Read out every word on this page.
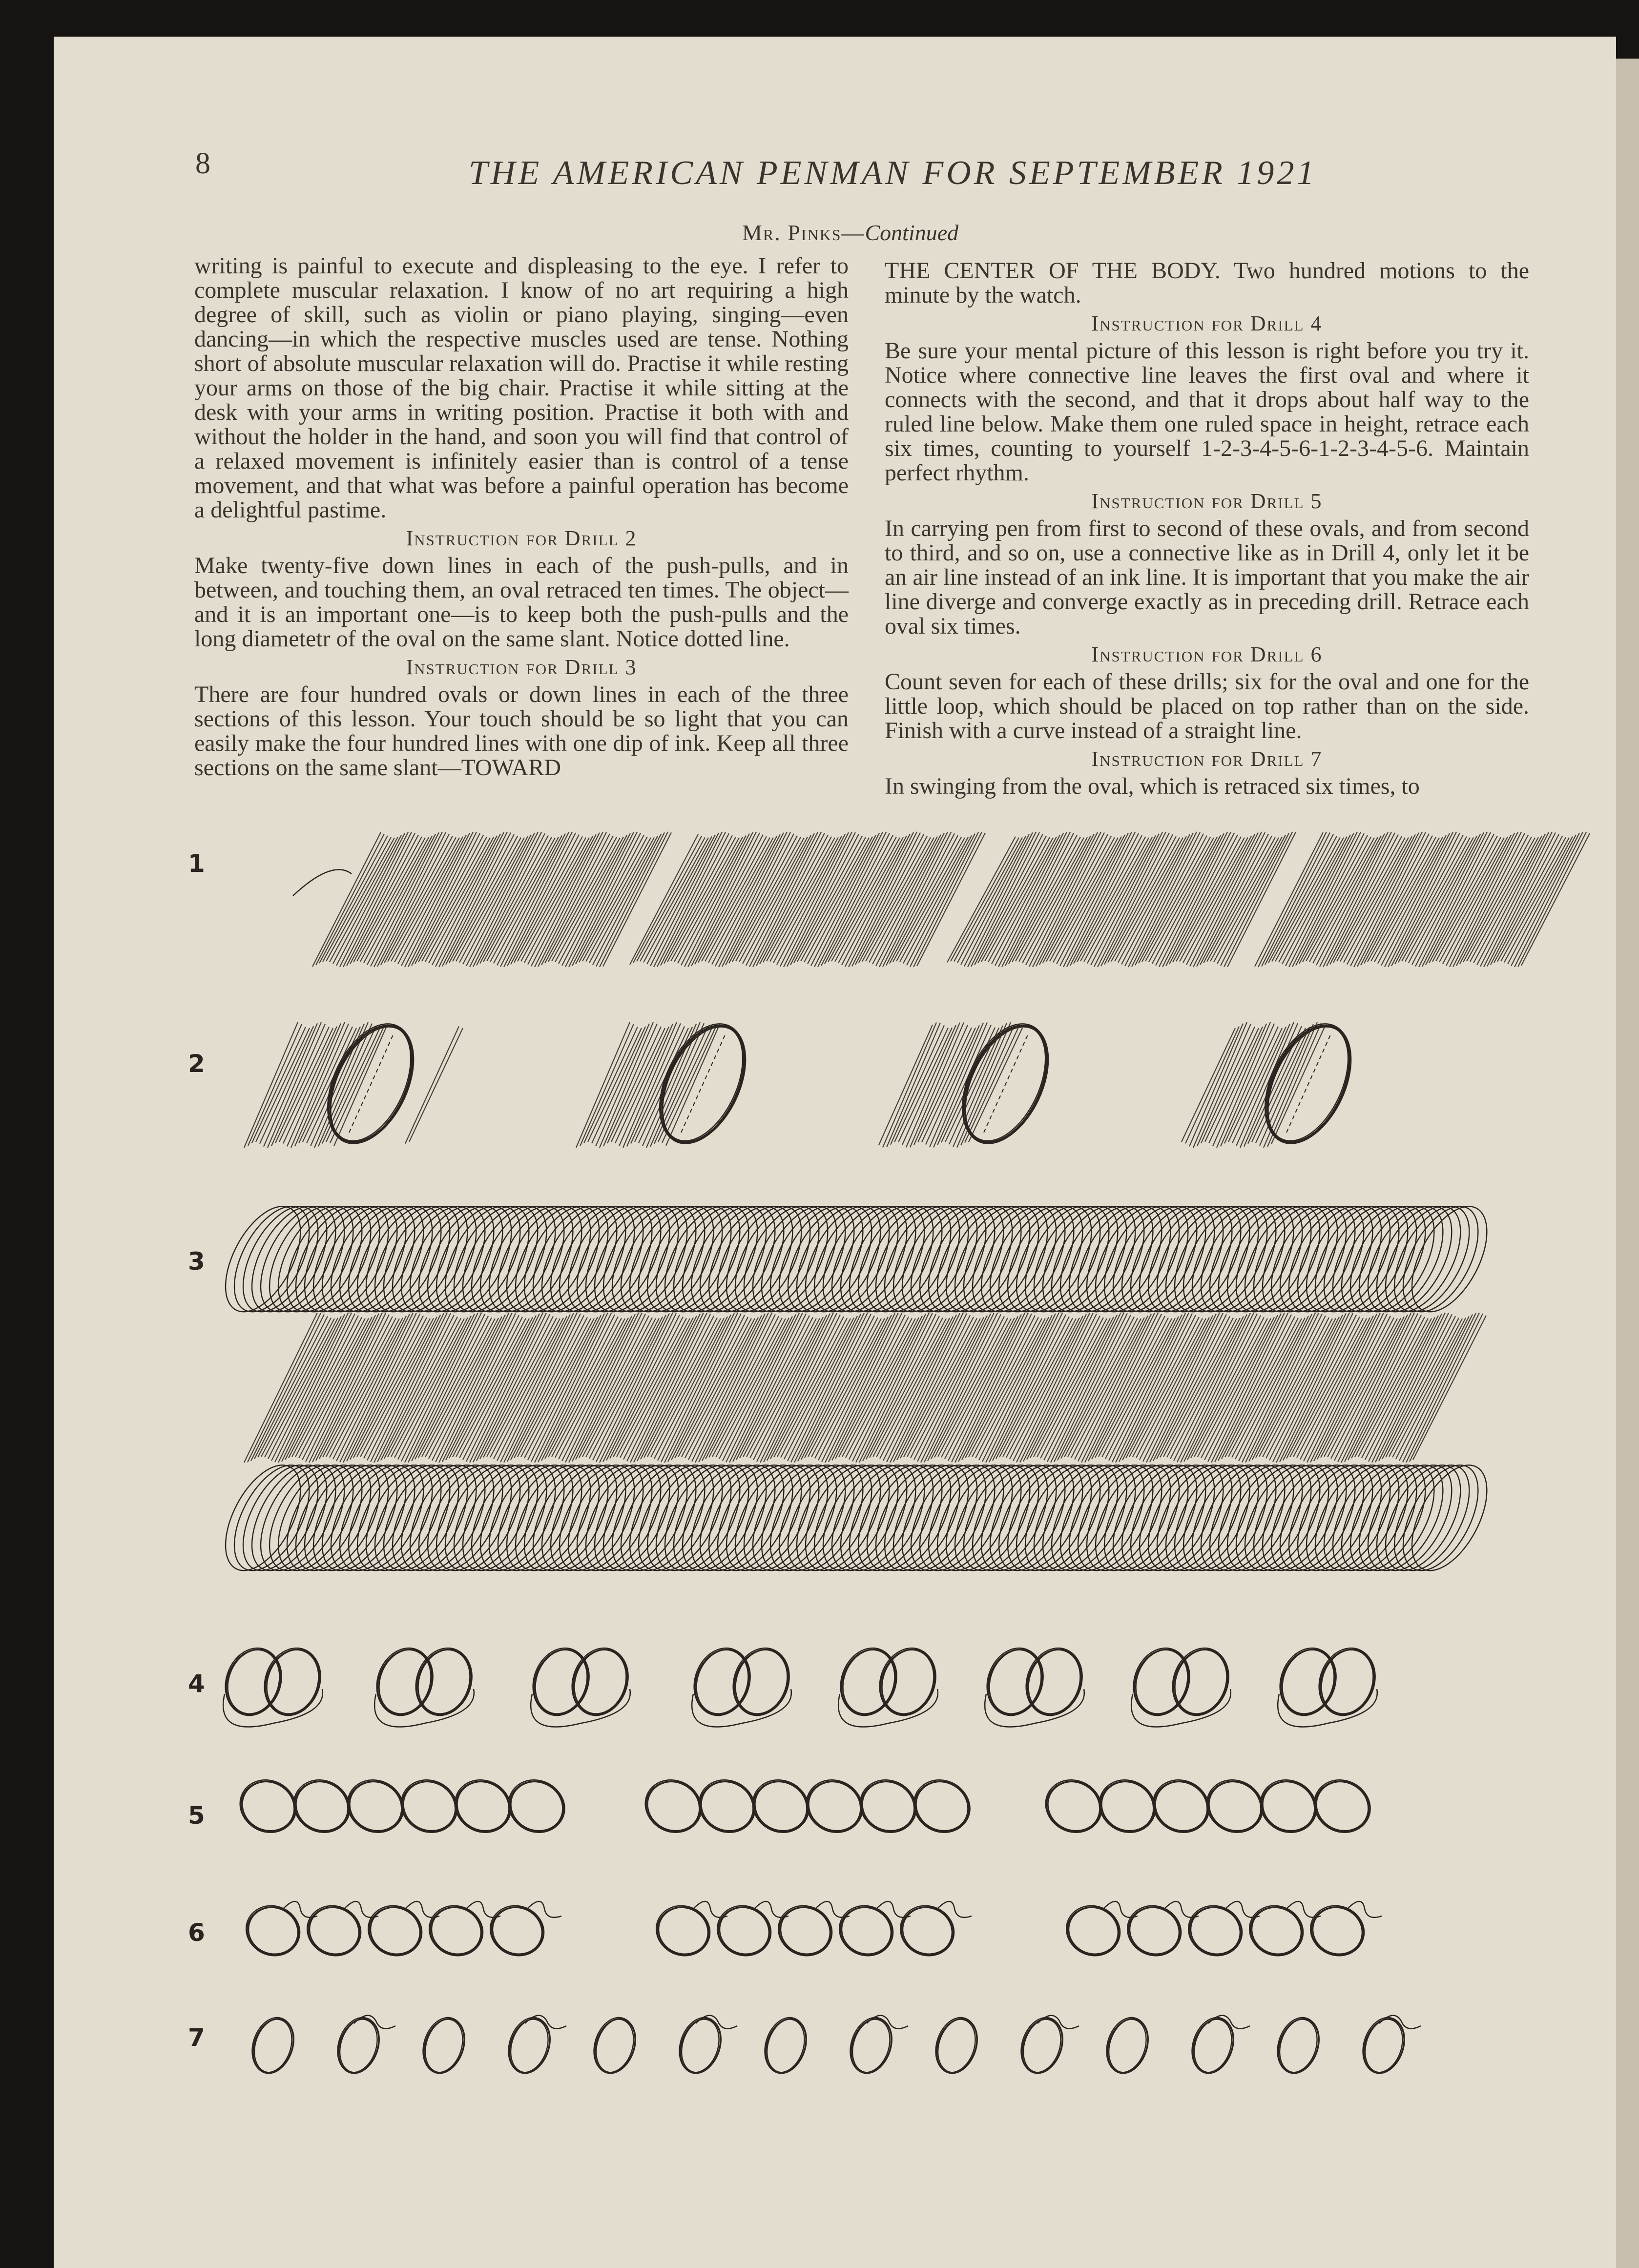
8	THE AMERICAN PENMAN FOR SEPTEMBER 1921
Mr. Pinks—Continued

writing is painful to execute and displeasing to the eye. I refer to complete muscular relaxation. I know of no art requiring a high degree of skill, such as violin or piano playing, singing—even dancing—in which the respective muscles used are tense. Nothing short of absolute muscular relaxation will do. Practise it while resting your arms on those of the big chair. Practise it while sitting at the desk with your arms in writing position. Practise it both with and without the holder in the hand, and soon you will find that control of a relaxed movement is infinitely easier than is control of a tense movement, and that what was before a painful operation has become a delightful pastime.

Instruction for Drill 2

Make twenty-five down lines in each of the push-pulls, and in between, and touching them, an oval retraced ten times. The object—and it is an important one—is to keep both the push-pulls and the long diametetr of the oval on the same slant. Notice dotted line.

Instruction for Drill 3

There are four hundred ovals or down lines in each of the three sections of this lesson. Your touch should be so light that you can easily make the four hundred lines with one dip of ink. Keep all three sections on the same slant—TOWARD

THE CENTER OF THE BODY. Two hundred motions to the minute by the watch.

Instruction for Drill 4

Be sure your mental picture of this lesson is right before you try it. Notice where connective line leaves the first oval and where it connects with the second, and that it drops about half way to the ruled line below. Make them one ruled space in height, retrace each six times, counting to yourself 1-2-3-4-5-6-1-2-3-4-5-6. Maintain perfect rhythm.

Instruction for Drill 5

In carrying pen from first to second of these ovals, and from second to third, and so on, use a connective like as in Drill 4, only let it be an air line instead of an ink line. It is important that you make the air line diverge and converge exactly as in preceding drill. Retrace each oval six times.

Instruction for Drill 6

Count seven for each of these drills; six for the oval and one for the little loop, which should be placed on top rather than on the side. Finish with a curve instead of a straight line.

Instruction for Drill 7

In swinging from the oval, which is retraced six times, to

1
2
3
4
5
6
7
